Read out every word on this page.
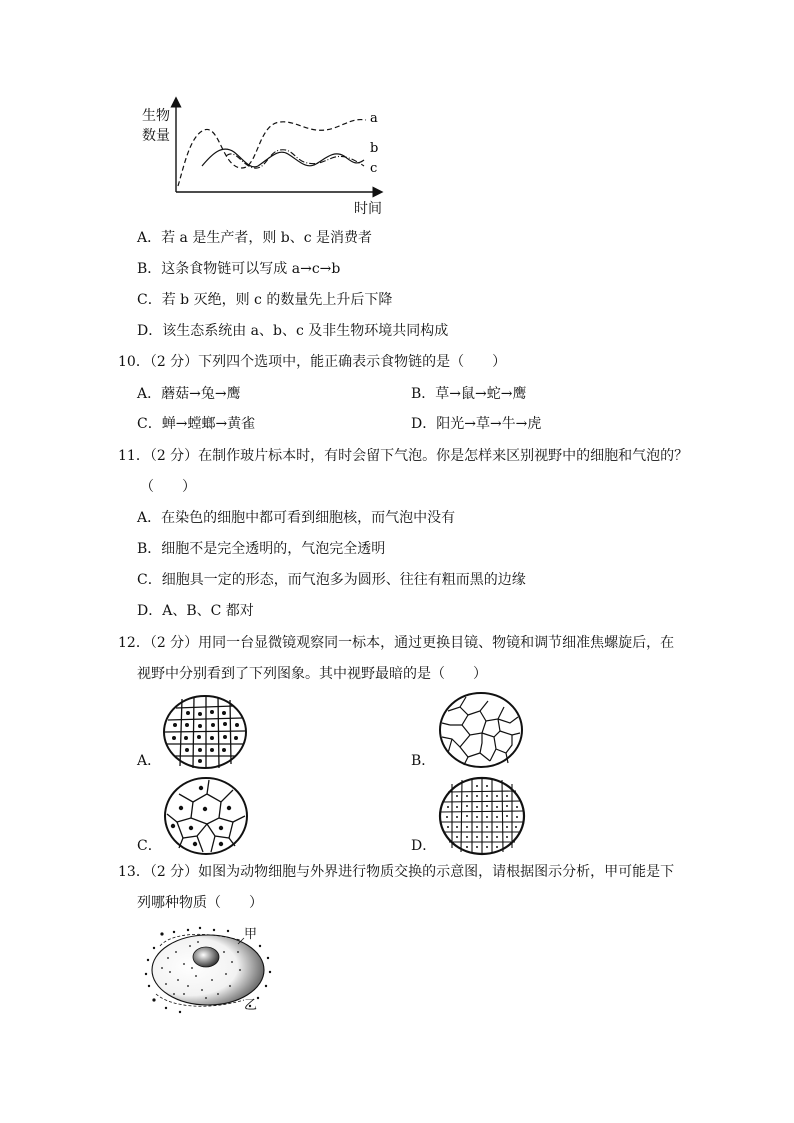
a
b
c
生物
数量
时间
A．若 a 是生产者，则 b、c 是消费者
B．这条食物链可以写成 a→c→b
C．若 b 灭绝，则 c 的数量先上升后下降
D．该生态系统由 a、b、c 及非生物环境共同构成
10．（2 分）下列四个选项中，能正确表示食物链的是（　　）
A．蘑菇→兔→鹰	B．草→鼠→蛇→鹰
C．蝉→螳螂→黄雀	D．阳光→草→牛→虎
11．（2 分）在制作玻片标本时，有时会留下气泡。你是怎样来区别视野中的细胞和气泡的？
（　　）
A．在染色的细胞中都可看到细胞核，而气泡中没有
B．细胞不是完全透明的，气泡完全透明
C．细胞具一定的形态，而气泡多为圆形、往往有粗而黑的边缘
D．A、B、C 都对
12．（2 分）用同一台显微镜观察同一标本，通过更换目镜、物镜和调节细准焦螺旋后，在
视野中分别看到了下列图象。其中视野最暗的是（　　）
A．	B．
C．	D．
13．（2 分）如图为动物细胞与外界进行物质交换的示意图，请根据图示分析，甲可能是下
列哪种物质（　　）
甲
乙
